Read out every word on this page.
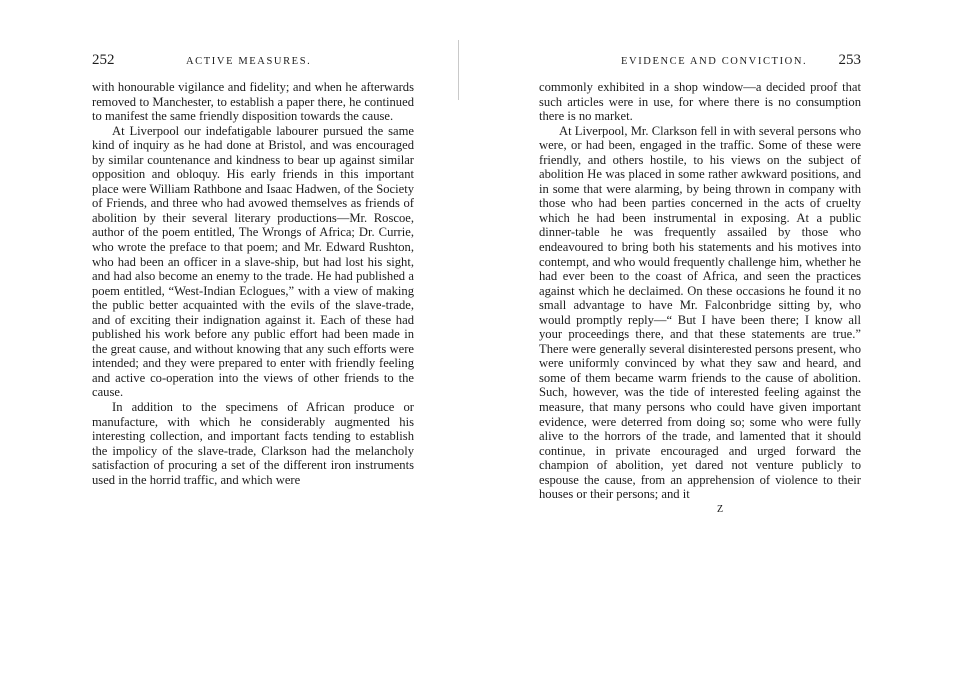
252	ACTIVE MEASURES.

with honourable vigilance and fidelity; and when he afterwards removed to Manchester, to establish a paper there, he continued to manifest the same friendly disposition towards the cause.

At Liverpool our indefatigable labourer pursued the same kind of inquiry as he had done at Bristol, and was encouraged by similar countenance and kindness to bear up against similar opposition and obloquy. His early friends in this important place were William Rathbone and Isaac Hadwen, of the Society of Friends, and three who had avowed themselves as friends of abolition by their several literary productions—Mr. Roscoe, author of the poem entitled, The Wrongs of Africa; Dr. Currie, who wrote the preface to that poem; and Mr. Edward Rushton, who had been an officer in a slave-ship, but had lost his sight, and had also become an enemy to the trade. He had published a poem entitled, “West-Indian Eclogues,” with a view of making the public better acquainted with the evils of the slave-trade, and of exciting their indignation against it. Each of these had published his work before any public effort had been made in the great cause, and without knowing that any such efforts were intended; and they were prepared to enter with friendly feeling and active co-operation into the views of other friends to the cause.

In addition to the specimens of African produce or manufacture, with which he considerably augmented his interesting collection, and important facts tending to establish the impolicy of the slave-trade, Clarkson had the melancholy satisfaction of procuring a set of the different iron instruments used in the horrid traffic, and which were

EVIDENCE AND CONVICTION. 253

commonly exhibited in a shop window—a decided proof that such articles were in use, for where there is no consumption there is no market.

At Liverpool, Mr. Clarkson fell in with several persons who were, or had been, engaged in the traffic. Some of these were friendly, and others hostile, to his views on the subject of abolition He was placed in some rather awkward positions, and in some that were alarming, by being thrown in company with those who had been parties concerned in the acts of cruelty which he had been instrumental in exposing. At a public dinner-table he was frequently assailed by those who endeavoured to bring both his statements and his motives into contempt, and who would frequently challenge him, whether he had ever been to the coast of Africa, and seen the practices against which he declaimed. On these occasions he found it no small advantage to have Mr. Falconbridge sitting by, who would promptly reply—“ But I have been there; I know all your proceedings there, and that these statements are true.” There were generally several disinterested persons present, who were uniformly convinced by what they saw and heard, and some of them became warm friends to the cause of abolition. Such, however, was the tide of interested feeling against the measure, that many persons who could have given important evidence, were deterred from doing so; some who were fully alive to the horrors of the trade, and lamented that it should continue, in private encouraged and urged forward the champion of abolition, yet dared not venture publicly to espouse the cause, from an apprehension of violence to their houses or their persons; and it

Z
